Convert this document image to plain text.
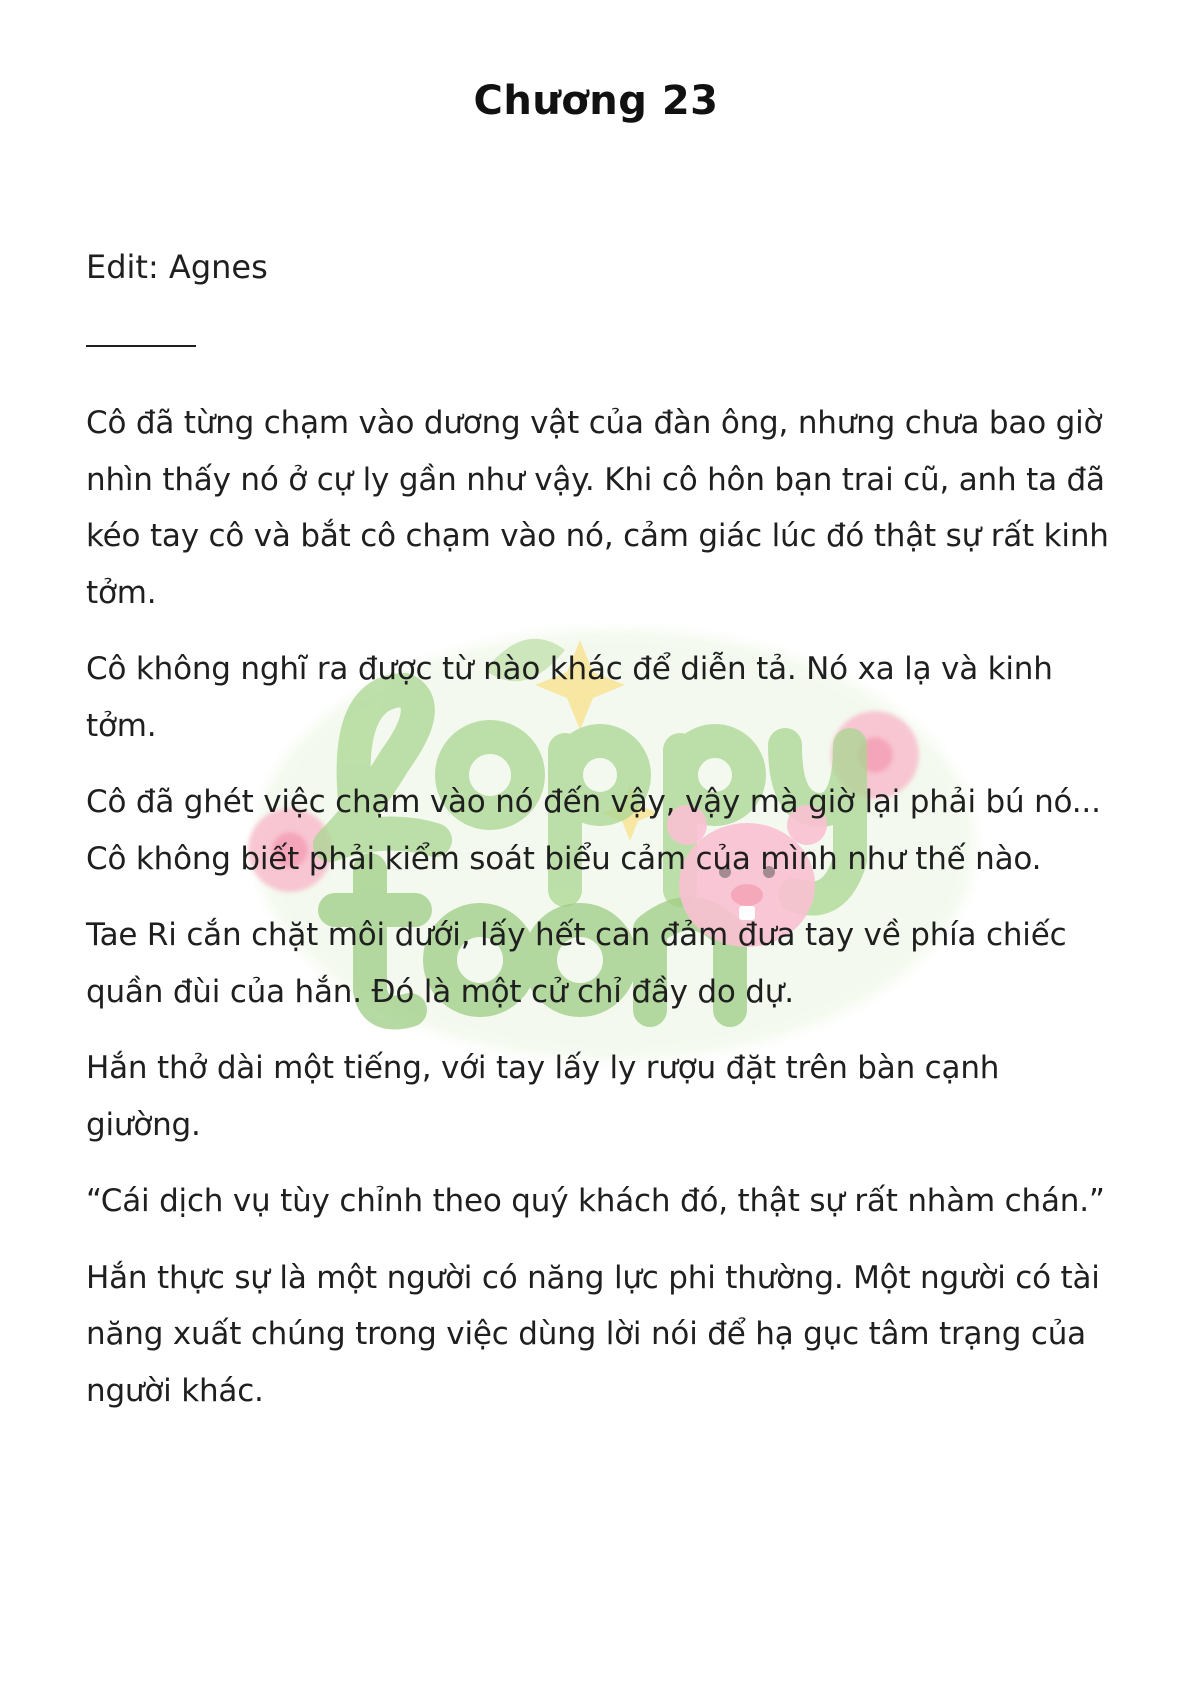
Chương 23
Edit: Agnes

Cô đã từng chạm vào dương vật của đàn ông, nhưng chưa bao giờ nhìn thấy nó ở cự ly gần như vậy. Khi cô hôn bạn trai cũ, anh ta đã kéo tay cô và bắt cô chạm vào nó, cảm giác lúc đó thật sự rất kinh tởm.

Cô không nghĩ ra được từ nào khác để diễn tả. Nó xa lạ và kinh tởm.

Cô đã ghét việc chạm vào nó đến vậy, vậy mà giờ lại phải bú nó... Cô không biết phải kiểm soát biểu cảm của mình như thế nào.

Tae Ri cắn chặt môi dưới, lấy hết can đảm đưa tay về phía chiếc quần đùi của hắn. Đó là một cử chỉ đầy do dự.

Hắn thở dài một tiếng, với tay lấy ly rượu đặt trên bàn cạnh giường.

“Cái dịch vụ tùy chỉnh theo quý khách đó, thật sự rất nhàm chán.”

Hắn thực sự là một người có năng lực phi thường. Một người có tài năng xuất chúng trong việc dùng lời nói để hạ gục tâm trạng của người khác.
